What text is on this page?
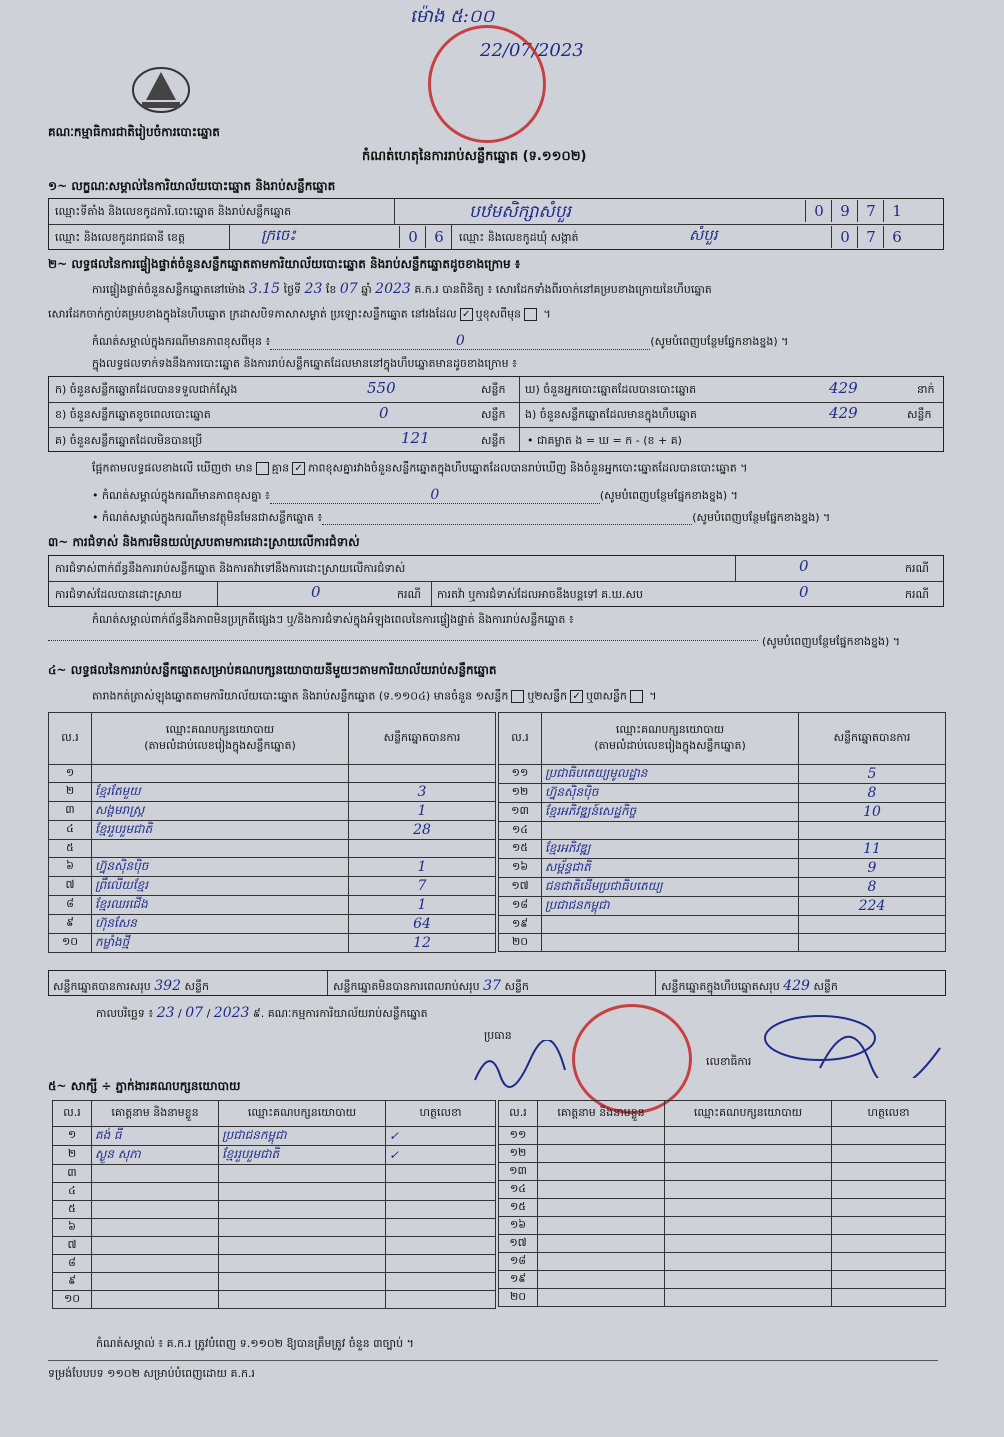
ម៉ោង ៥:០០
22/07/2023
គណៈកម្មាធិការជាតិរៀបចំការបោះឆ្នោត
កំណត់ហេតុនៃការរាប់សន្លឹកឆ្នោត (ទ.១១០២)
១~ លក្ខណៈសម្គាល់នៃការិយាល័យបោះឆ្នោត និងរាប់សន្លឹកឆ្នោត
ឈ្មោះទីតាំង និងលេខកូដការិ.បោះឆ្នោត និងរាប់សន្លឹកឆ្នោត	បឋមសិក្សាសំបួរ	0	9	7	1
ឈ្មោះ និងលេខកូដរាជធានី ខេត្ត	ក្រចេះ	0	6	ឈ្មោះ និងលេខកូដឃុំ សង្កាត់	សំបួរ	0	7	6
២~ លទ្ធផលនៃការផ្ទៀងផ្ទាត់ចំនួនសន្លឹកឆ្នោតតាមការិយាល័យបោះឆ្នោត និងរាប់សន្លឹកឆ្នោតដូចខាងក្រោម ៖
ការផ្ទៀងផ្ទាត់ចំនួនសន្លឹកឆ្នោតនៅម៉ោង 3.15 ថ្ងៃទី 23 ខែ 07 ឆ្នាំ 2023 គ.ក.រ បានពិនិត្យ ៖ សោរដែកទាំងពីរចាក់នៅគម្របខាងក្រោយនៃហឹបឆ្នោត
សោរដែកចាក់ភ្ជាប់គម្របខាងក្នុងនៃហឹបឆ្នោត ក្រដាសបិទភាសាសម្ងាត់ ប្រឡោះសន្លឹកឆ្នោត នៅរងដែល ✓ ឬខុសពីមុន ។
កំណត់សម្គាល់ក្នុងករណីមានភាពខុសពីមុន ៖	0	(សូមបំពេញបន្ថែមផ្នែកខាងខ្នង) ។
ក្នុងលទ្ធផលទាក់ទងនឹងការបោះឆ្នោត និងការរាប់សន្លឹកឆ្នោតដែលមាននៅក្នុងហឹបឆ្នោតមានដូចខាងក្រោម ៖
ក) ចំនួនសន្លឹកឆ្នោតដែលបានទទួលជាក់ស្តែង	550	សន្លឹក ឃ) ចំនួនអ្នកបោះឆ្នោតដែលបានបោះឆ្នោត	429	នាក់
ខ) ចំនួនសន្លឹកឆ្នោតខូចពេលបោះឆ្នោត	0	សន្លឹក ង) ចំនួនសន្លឹកឆ្នោតដែលមានក្នុងហឹបឆ្នោត	429	សន្លឹក
គ) ចំនួនសន្លឹកឆ្នោតដែលមិនបានប្រើ	121	សន្លឹក • ជាគម្លាត ង = ឃ = ក - (ខ + គ)
ផ្អែកតាមលទ្ធផលខាងលើ ឃើញថា មាន គ្មាន ✓ ភាពខុសគ្នារវាងចំនួនសន្លឹកឆ្នោតក្នុងហឹបឆ្នោតដែលបានរាប់ឃើញ និងចំនួនអ្នកបោះឆ្នោតដែលបានបោះឆ្នោត ។
• កំណត់សម្គាល់ក្នុងករណីមានភាពខុសគ្នា ៖	0	(សូមបំពេញបន្ថែមផ្នែកខាងខ្នង) ។
• កំណត់សម្គាល់ក្នុងករណីមានវត្ថុមិនមែនជាសន្លឹកឆ្នោត ៖	(សូមបំពេញបន្ថែមផ្នែកខាងខ្នង) ។
៣~ ការជំទាស់ និងការមិនយល់ស្របតាមការដោះស្រាយលើការជំទាស់
ការជំទាស់ពាក់ព័ន្ធនឹងការរាប់សន្លឹកឆ្នោត និងការតវ៉ាទៅនឹងការដោះស្រាយលើការជំទាស់	0	ករណី
ការជំទាស់ដែលបានដោះស្រាយ	0	ករណី ការតវ៉ា ឬការជំទាស់ដែលអាចនឹងបន្តទៅ គ.ឃ.សប	0	ករណី
កំណត់សម្គាល់ពាក់ព័ន្ធនឹងភាពមិនប្រក្រតីផ្សេងៗ ឬ/និងការជំទាស់ក្នុងអំឡុងពេលនៃការផ្ទៀងផ្ទាត់ និងការរាប់សន្លឹកឆ្នោត ៖
(សូមបំពេញបន្ថែមផ្នែកខាងខ្នង) ។
៤~ លទ្ធផលនៃការរាប់សន្លឹកឆ្នោតសម្រាប់គណបក្សនយោបាយនីមួយៗតាមការិយាល័យរាប់សន្លឹកឆ្នោត
តារាងកត់ត្រាស់ឡុងឆ្នោតតាមការិយាល័យបោះឆ្នោត និងរាប់សន្លឹកឆ្នោត (ទ.១១០៤) មានចំនួន ១សន្លឹក ឬ២សន្លឹក ✓ ឬ៣សន្លឹក ។
ល.រ	ឈ្មោះគណបក្សនយោបាយ
(តាមលំដាប់លេខរៀងក្នុងសន្លឹកឆ្នោត)	សន្លឹកឆ្នោតបានការ
១		
២	ខ្មែរតែមួយ	3
៣	សង្គមរាស្ត្រ	1
៤	ខ្មែររួបរួមជាតិ	28
៥		
៦	ហ្វ៊ុនស៊ិនប៉ិច	1
៧	ព្រឹលើយខ្មែរ	7
៨	ខ្មែរឈរជើង	1
៩	ហ៊ុនសែន	64
១០	កម្លាំងថ្មី	12
ល.រ	ឈ្មោះគណបក្សនយោបាយ
(តាមលំដាប់លេខរៀងក្នុងសន្លឹកឆ្នោត)	សន្លឹកឆ្នោតបានការ
១១	ប្រជាធិបតេយ្យមូលដ្ឋាន	5
១២	ហ្វ៊ុនស៊ិនប៉ិច	8
១៣	ខ្មែរអភិវឌ្ឍន៍សេដ្ឋកិច្ច	10
១៤		
១៥	ខ្មែរអភិវឌ្ឍ	11
១៦	សម្ព័ន្ធជាតិ	9
១៧	ជនជាតិដើមប្រជាធិបតេយ្យ	8
១៨	ប្រជាជនកម្ពុជា	224
១៩		
២០		
សន្លឹកឆ្នោតបានការសរុប 392 សន្លឹក	សន្លឹកឆ្នោតមិនបានការពេលរាប់សរុប 37 សន្លឹក	សន្លឹកឆ្នោតក្នុងហឹបឆ្នោតសរុប 429 សន្លឹក
កាលបរិច្ឆេទ ៖ 23 / 07 / 2023 ៩. គណៈកម្មការការិយាល័យរាប់សន្លឹកឆ្នោត
ប្រធាន
លេខាធិការ
៥~ សាក្សី ÷ ភ្នាក់ងារគណបក្សនយោបាយ
ល.រ	គោត្តនាម និងនាមខ្លួន	ឈ្មោះគណបក្សនយោបាយ	ហត្ថលេខា
១	គង់ ធី	ប្រជាជនកម្ពុជា	✓
២	ស្ងួន សុភា	ខ្មែររួបរួមជាតិ	✓
៣			
៤			
៥			
៦			
៧			
៨			
៩			
១០			
ល.រ	គោត្តនាម និងនាមខ្លួន	ឈ្មោះគណបក្សនយោបាយ	ហត្ថលេខា
១១			
១២			
១៣			
១៤			
១៥			
១៦			
១៧			
១៨			
១៩			
២០			
កំណត់សម្គាល់ ៖ គ.ក.រ ត្រូវបំពេញ ទ.១១០២ ឱ្យបានត្រឹមត្រូវ ចំនួន ៣ច្បាប់ ។
ទម្រង់បែបបទ ១១០២ សម្រាប់បំពេញដោយ គ.ក.រ
